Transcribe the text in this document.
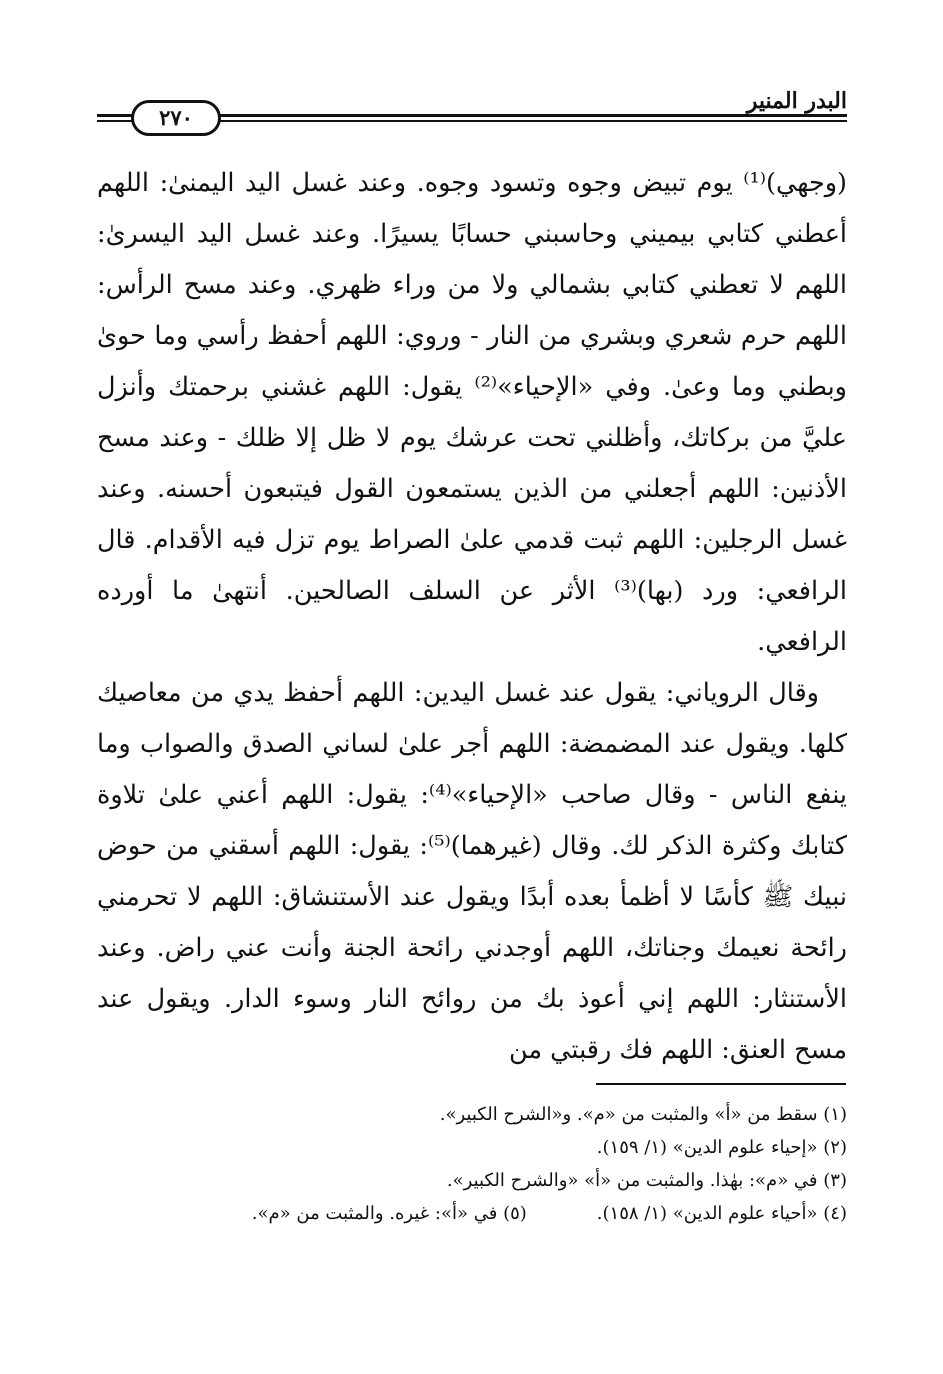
٢٧٠
البدر المنير

(وجهي)⁽¹⁾ يوم تبيض وجوه وتسود وجوه. وعند غسل اليد اليمنىٰ: اللهم أعطني كتابي بيميني وحاسبني حسابًا يسيرًا. وعند غسل اليد اليسرىٰ: اللهم لا تعطني كتابي بشمالي ولا من وراء ظهري. وعند مسح الرأس: اللهم حرم شعري وبشري من النار - وروي: اللهم أحفظ رأسي وما حوىٰ وبطني وما وعىٰ. وفي «الإحياء»⁽²⁾ يقول: اللهم غشني برحمتك وأنزل عليَّ من بركاتك، وأظلني تحت عرشك يوم لا ظل إلا ظلك - وعند مسح الأذنين: اللهم أجعلني من الذين يستمعون القول فيتبعون أحسنه. وعند غسل الرجلين: اللهم ثبت قدمي علىٰ الصراط يوم تزل فيه الأقدام. قال الرافعي: ورد (بها)⁽³⁾ الأثر عن السلف الصالحين. أنتهىٰ ما أورده الرافعي.

وقال الروياني: يقول عند غسل اليدين: اللهم أحفظ يدي من معاصيك كلها. ويقول عند المضمضة: اللهم أجر علىٰ لساني الصدق والصواب وما ينفع الناس - وقال صاحب «الإحياء»⁽⁴⁾: يقول: اللهم أعني علىٰ تلاوة كتابك وكثرة الذكر لك. وقال (غيرهما)⁽⁵⁾: يقول: اللهم أسقني من حوض نبيك ﷺ كأسًا لا أظمأ بعده أبدًا ويقول عند الأستنشاق: اللهم لا تحرمني رائحة نعيمك وجناتك، اللهم أوجدني رائحة الجنة وأنت عني راض. وعند الأستنثار: اللهم إني أعوذ بك من روائح النار وسوء الدار. ويقول عند مسح العنق: اللهم فك رقبتي من

(١) سقط من «أ» والمثبت من «م». و«الشرح الكبير».
(٢) «إحياء علوم الدين» (١/ ١٥٩).
(٣) في «م»: بهٰذا. والمثبت من «أ» «والشرح الكبير».
(٤) «أحياء علوم الدين» (١/ ١٥٨).
(٥) في «أ»: غيره. والمثبت من «م».
